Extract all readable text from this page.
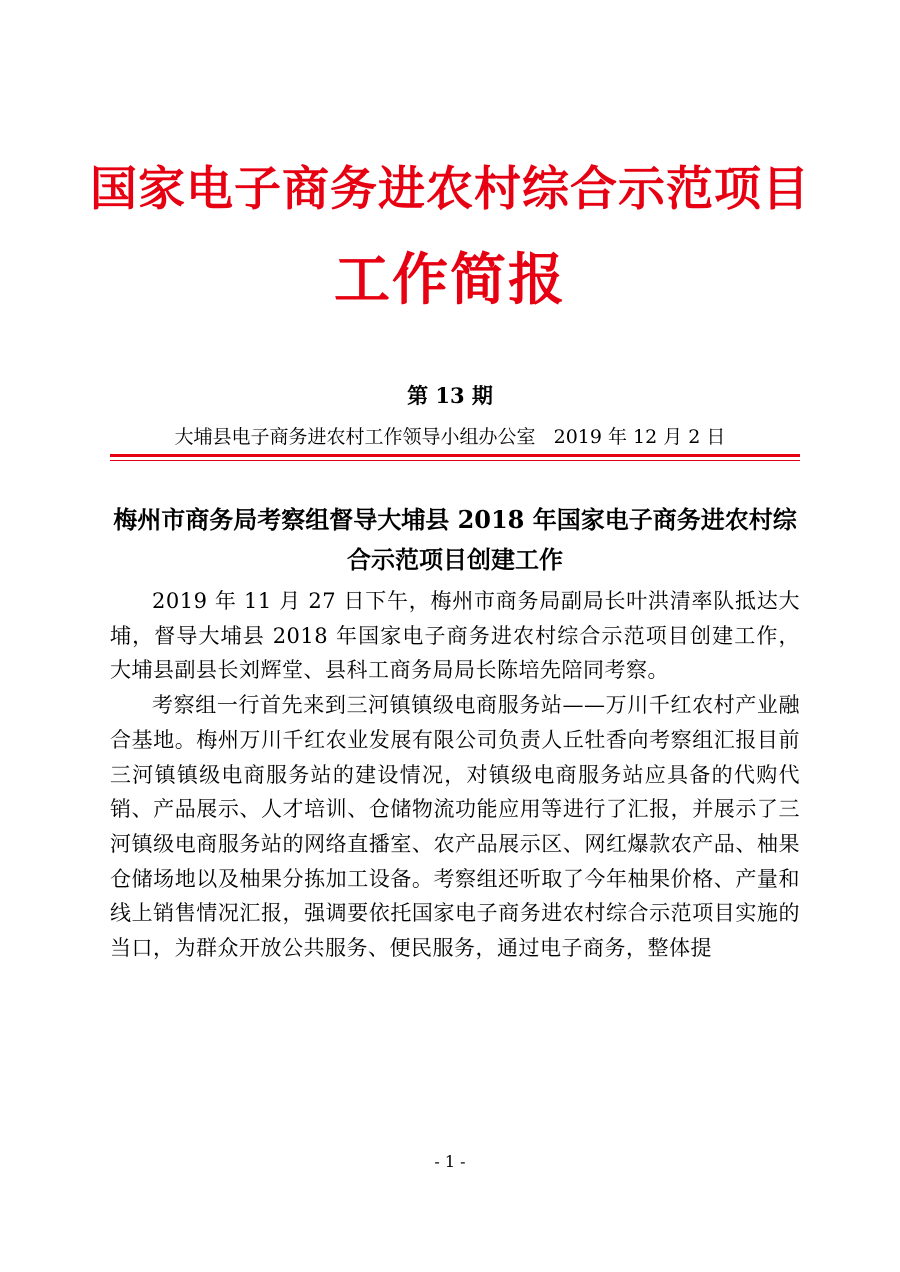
国家电子商务进农村综合示范项目
工作简报
第 13 期
大埔县电子商务进农村工作领导小组办公室 2019 年 12 月 2 日
梅州市商务局考察组督导大埔县 2018 年国家电子商务进农村综合示范项目创建工作

2019 年 11 月 27 日下午，梅州市商务局副局长叶洪清率队抵达大埔，督导大埔县 2018 年国家电子商务进农村综合示范项目创建工作，大埔县副县长刘辉堂、县科工商务局局长陈培先陪同考察。

考察组一行首先来到三河镇镇级电商服务站——万川千红农村产业融合基地。梅州万川千红农业发展有限公司负责人丘牡香向考察组汇报目前三河镇镇级电商服务站的建设情况，对镇级电商服务站应具备的代购代销、产品展示、人才培训、仓储物流功能应用等进行了汇报，并展示了三河镇级电商服务站的网络直播室、农产品展示区、网红爆款农产品、柚果仓储场地以及柚果分拣加工设备。考察组还听取了今年柚果价格、产量和线上销售情况汇报，强调要依托国家电子商务进农村综合示范项目实施的当口，为群众开放公共服务、便民服务，通过电子商务，整体提

- 1 -
